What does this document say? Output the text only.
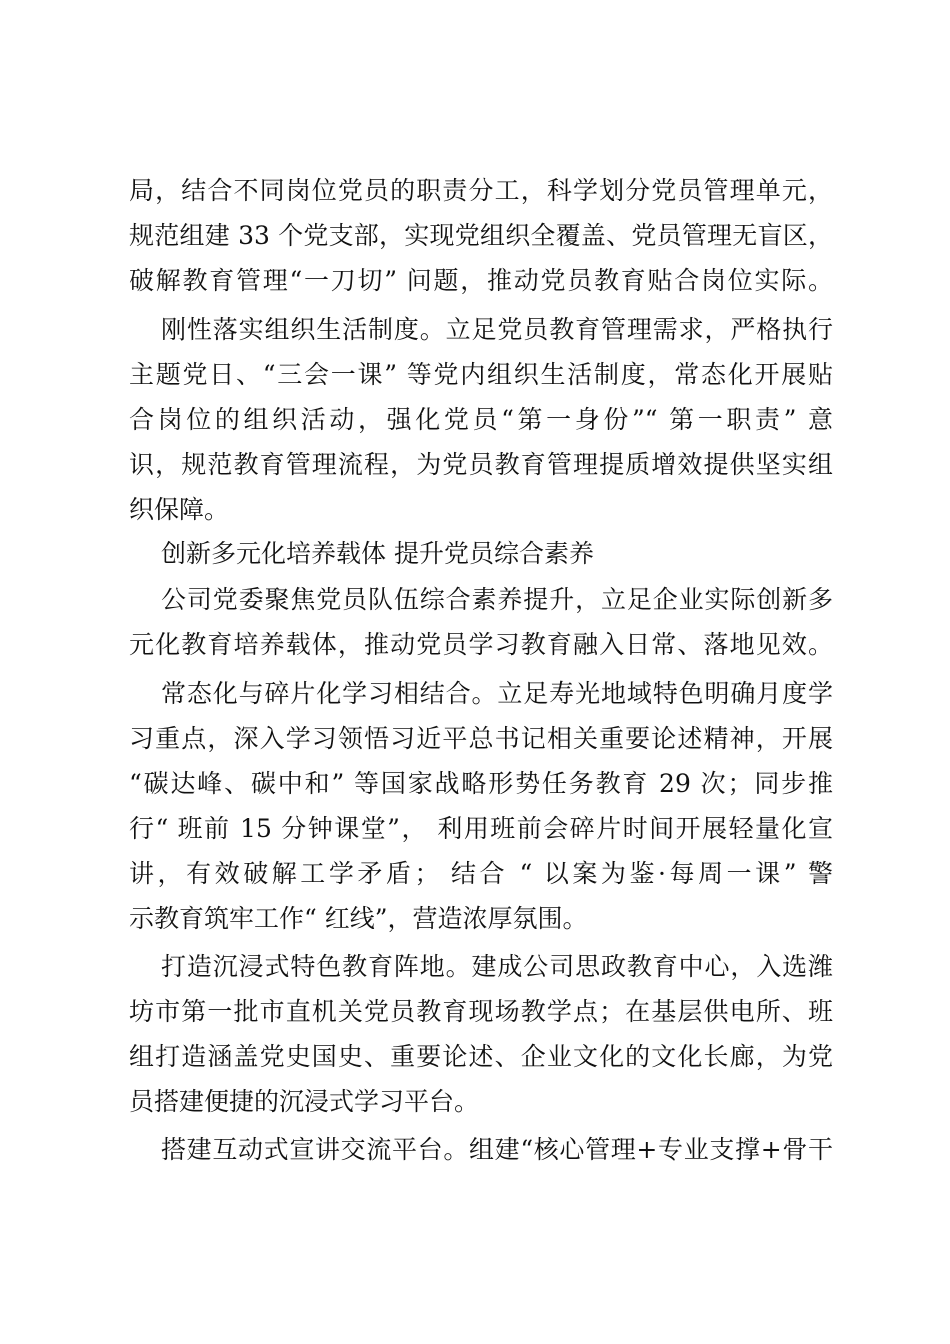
局，结合不同岗位党员的职责分工，科学划分党员管理单元，
规范组建 33 个党支部，实现党组织全覆盖、党员管理无盲区，
破解教育管理“一刀切” 问题，推动党员教育贴合岗位实际。
刚性落实组织生活制度。立足党员教育管理需求，严格执行
主题党日、“三会一课” 等党内组织生活制度，常态化开展贴
合岗位的组织活动，强化党员“第一身份”“ 第一职责” 意
识，规范教育管理流程，为党员教育管理提质增效提供坚实组
织保障。
创新多元化培养载体 提升党员综合素养
公司党委聚焦党员队伍综合素养提升，立足企业实际创新多
元化教育培养载体，推动党员学习教育融入日常、落地见效。
常态化与碎片化学习相结合。立足寿光地域特色明确月度学
习重点，深入学习领悟习近平总书记相关重要论述精神，开展
“碳达峰、碳中和” 等国家战略形势任务教育 29 次；同步推
行“ 班前 15 分钟课堂”， 利用班前会碎片时间开展轻量化宣
讲，有效破解工学矛盾； 结合 “ 以案为鉴·每周一课” 警
示教育筑牢工作“ 红线”，营造浓厚氛围。
打造沉浸式特色教育阵地。建成公司思政教育中心，入选潍
坊市第一批市直机关党员教育现场教学点；在基层供电所、班
组打造涵盖党史国史、重要论述、企业文化的文化长廊，为党
员搭建便捷的沉浸式学习平台。
搭建互动式宣讲交流平台。组建“核心管理+专业支撑+骨干
